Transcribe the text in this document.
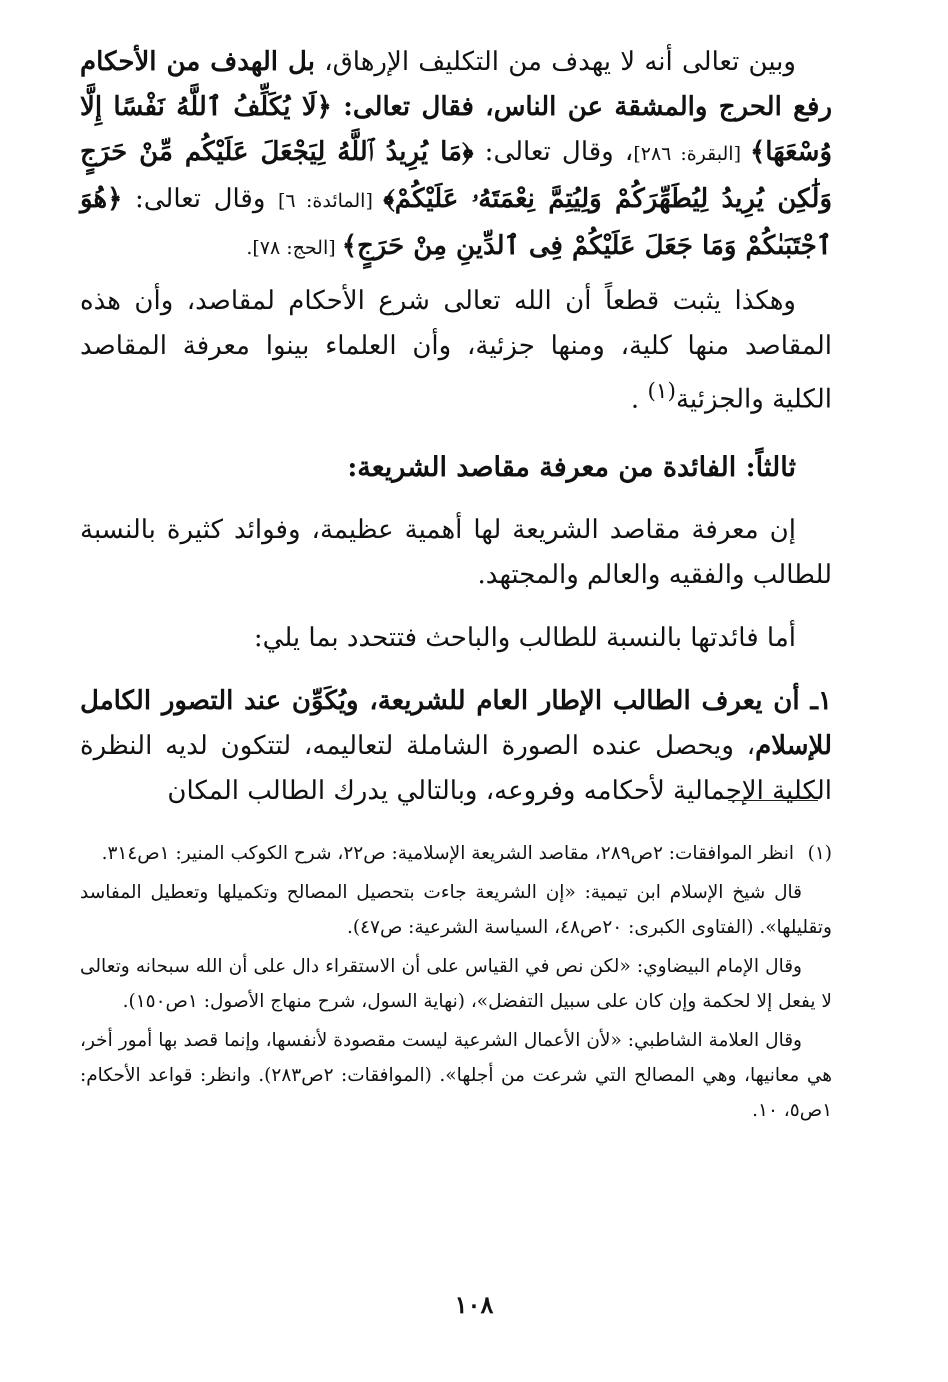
وبين تعالى أنه لا يهدف من التكليف الإرهاق، بل الهدف من الأحكام رفع الحرج والمشقة عن الناس، فقال تعالى: ﴿لَا يُكَلِّفُ ٱللَّهُ نَفْسًا إِلَّا وُسْعَهَا﴾ [البقرة: ٢٨٦]، وقال تعالى: ﴿مَا يُرِيدُ ٱللَّهُ لِيَجْعَلَ عَلَيْكُم مِّنْ حَرَجٍ وَلَٰكِن يُرِيدُ لِيُطَهِّرَكُمْ وَلِيُتِمَّ نِعْمَتَهُۥ عَلَيْكُمْ﴾ [المائدة: ٦] وقال تعالى: ﴿هُوَ ٱجْتَبَىٰكُمْ وَمَا جَعَلَ عَلَيْكُمْ فِى ٱلدِّينِ مِنْ حَرَجٍ﴾ [الحج: ٧٨].

وهكذا يثبت قطعاً أن الله تعالى شرع الأحكام لمقاصد، وأن هذه المقاصد منها كلية، ومنها جزئية، وأن العلماء بينوا معرفة المقاصد الكلية والجزئية$^{(١)}$ .

ثالثاً: الفائدة من معرفة مقاصد الشريعة:

إن معرفة مقاصد الشريعة لها أهمية عظيمة، وفوائد كثيرة بالنسبة للطالب والفقيه والعالم والمجتهد.

أما فائدتها بالنسبة للطالب والباحث فتتحدد بما يلي:

١ـ أن يعرف الطالب الإطار العام للشريعة، ويُكَوِّن عند التصور الكامل للإسلام، ويحصل عنده الصورة الشاملة لتعاليمه، لتتكون لديه النظرة الكلية الإجمالية لأحكامه وفروعه، وبالتالي يدرك الطالب المكان

(١)
انظر الموافقات: ٢ص٢٨٩، مقاصد الشريعة الإسلامية: ص٢٢، شرح الكوكب المنير: ١ص٣١٤.

قال شيخ الإسلام ابن تيمية: «إن الشريعة جاءت بتحصيل المصالح وتكميلها وتعطيل المفاسد وتقليلها». (الفتاوى الكبرى: ٢٠ص٤٨، السياسة الشرعية: ص٤٧).

وقال الإمام البيضاوي: «لكن نص في القياس على أن الاستقراء دال على أن الله سبحانه وتعالى لا يفعل إلا لحكمة وإن كان على سبيل التفضل»، (نهاية السول، شرح منهاج الأصول: ١ص١٥٠).

وقال العلامة الشاطبي: «لأن الأعمال الشرعية ليست مقصودة لأنفسها، وإنما قصد بها أمور أخر، هي معانيها، وهي المصالح التي شرعت من أجلها». (الموافقات: ٢ص٢٨٣). وانظر: قواعد الأحكام: ١ص٥، ١٠.

١٠٨
